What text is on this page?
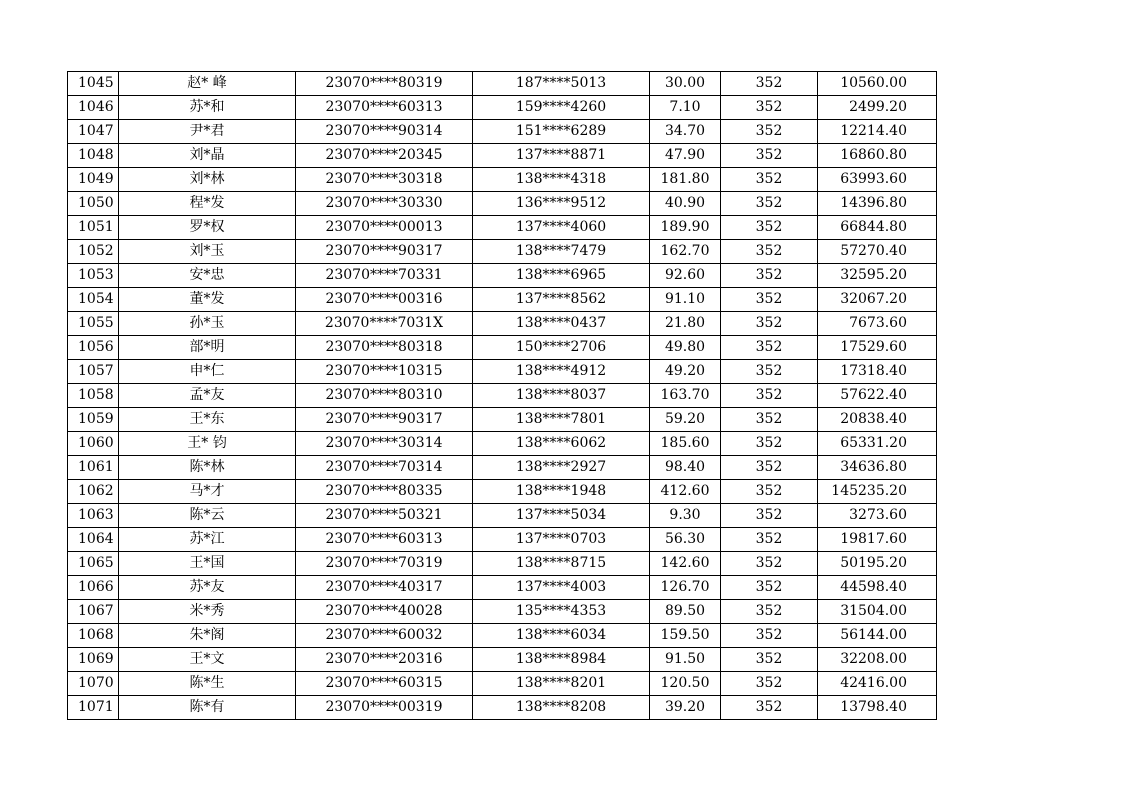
1045	赵* 峰	23070****80319	187****5013	30.00	352	10560.00
1046	苏*和	23070****60313	159****4260	7.10	352	2499.20
1047	尹*君	23070****90314	151****6289	34.70	352	12214.40
1048	刘*晶	23070****20345	137****8871	47.90	352	16860.80
1049	刘*林	23070****30318	138****4318	181.80	352	63993.60
1050	程*发	23070****30330	136****9512	40.90	352	14396.80
1051	罗*权	23070****00013	137****4060	189.90	352	66844.80
1052	刘*玉	23070****90317	138****7479	162.70	352	57270.40
1053	安*忠	23070****70331	138****6965	92.60	352	32595.20
1054	董*发	23070****00316	137****8562	91.10	352	32067.20
1055	孙*玉	23070****7031X	138****0437	21.80	352	7673.60
1056	部*明	23070****80318	150****2706	49.80	352	17529.60
1057	申*仁	23070****10315	138****4912	49.20	352	17318.40
1058	孟*友	23070****80310	138****8037	163.70	352	57622.40
1059	王*东	23070****90317	138****7801	59.20	352	20838.40
1060	王* 钧	23070****30314	138****6062	185.60	352	65331.20
1061	陈*林	23070****70314	138****2927	98.40	352	34636.80
1062	马*才	23070****80335	138****1948	412.60	352	145235.20
1063	陈*云	23070****50321	137****5034	9.30	352	3273.60
1064	苏*江	23070****60313	137****0703	56.30	352	19817.60
1065	王*国	23070****70319	138****8715	142.60	352	50195.20
1066	苏*友	23070****40317	137****4003	126.70	352	44598.40
1067	米*秀	23070****40028	135****4353	89.50	352	31504.00
1068	朱*阁	23070****60032	138****6034	159.50	352	56144.00
1069	王*文	23070****20316	138****8984	91.50	352	32208.00
1070	陈*生	23070****60315	138****8201	120.50	352	42416.00
1071	陈*有	23070****00319	138****8208	39.20	352	13798.40
